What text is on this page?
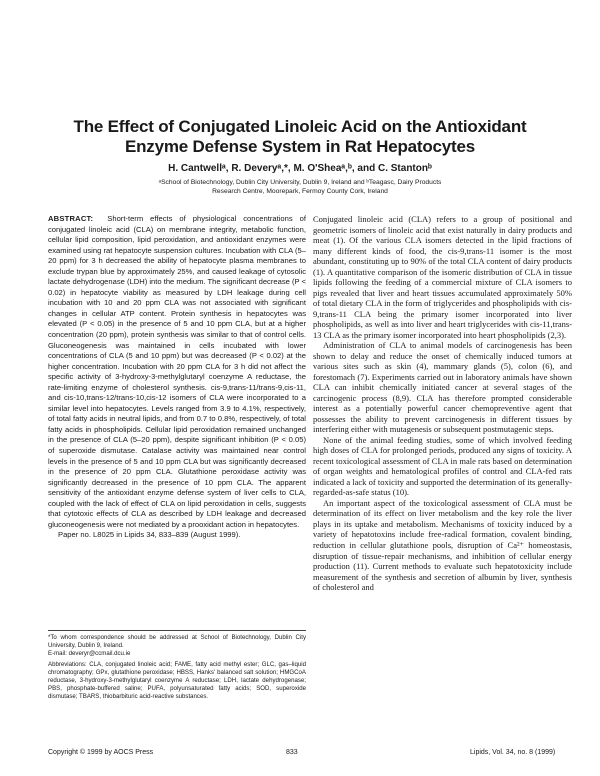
The Effect of Conjugated Linoleic Acid on the Antioxidant
Enzyme Defense System in Rat Hepatocytes
H. Cantwellᵃ, R. Deveryᵃ,*, M. O'Sheaᵃ,ᵇ, and C. Stantonᵇ
ᵃSchool of Biotechnology, Dublin City University, Dublin 9, Ireland and ᵇTeagasc, Dairy Products
Research Centre, Moorepark, Fermoy County Cork, Ireland

ABSTRACT: Short-term effects of physiological concentrations of conjugated linoleic acid (CLA) on membrane integrity, metabolic function, cellular lipid composition, lipid peroxidation, and antioxidant enzymes were examined using rat hepatocyte suspension cultures. Incubation with CLA (5–20 ppm) for 3 h decreased the ability of hepatocyte plasma membranes to exclude trypan blue by approximately 25%, and caused leakage of cytosolic lactate dehydrogenase (LDH) into the medium. The significant decrease (P < 0.02) in hepatocyte viability as measured by LDH leakage during cell incubation with 10 and 20 ppm CLA was not associated with significant changes in cellular ATP content. Protein synthesis in hepatocytes was elevated (P < 0.05) in the presence of 5 and 10 ppm CLA, but at a higher concentration (20 ppm), protein synthesis was similar to that of control cells. Gluconeogenesis was maintained in cells incubated with lower concentrations of CLA (5 and 10 ppm) but was decreased (P < 0.02) at the higher concentration. Incubation with 20 ppm CLA for 3 h did not affect the specific activity of 3-hydroxy-3-methylglutaryl coenzyme A reductase, the rate-limiting enzyme of cholesterol synthesis. cis-9,trans-11/trans-9,cis-11, and cis-10,trans-12/trans-10,cis-12 isomers of CLA were incorporated to a similar level into hepatocytes. Levels ranged from 3.9 to 4.1%, respectively, of total fatty acids in neutral lipids, and from 0.7 to 0.8%, respectively, of total fatty acids in phospholipids. Cellular lipid peroxidation remained unchanged in the presence of CLA (5–20 ppm), despite significant inhibition (P < 0.05) of superoxide dismutase. Catalase activity was maintained near control levels in the presence of 5 and 10 ppm CLA but was significantly decreased in the presence of 20 ppm CLA. Glutathione peroxidase activity was significantly decreased in the presence of 10 ppm CLA. The apparent sensitivity of the antioxidant enzyme defense system of liver cells to CLA, coupled with the lack of effect of CLA on lipid peroxidation in cells, suggests that cytotoxic effects of CLA as described by LDH leakage and decreased gluconeogenesis were not mediated by a prooxidant action in hepatocytes.

Paper no. L8025 in Lipids 34, 833–839 (August 1999).

*To whom correspondence should be addressed at School of Biotechnology, Dublin City University, Dublin 9, Ireland.
E-mail: deveryr@ccmail.dcu.ie

Abbreviations: CLA, conjugated linoleic acid; FAME, fatty acid methyl ester; GLC, gas–liquid chromatography; GPx, glutathione peroxidase; HBSS, Hanks' balanced salt solution; HMGCoA reductase, 3-hydroxy-3-methylglutaryl coenzyme A reductase; LDH, lactate dehydrogenase; PBS, phosphate-buffered saline; PUFA, polyunsaturated fatty acids; SOD, superoxide dismutase; TBARS, thiobarbituric acid-reactive substances.

Conjugated linoleic acid (CLA) refers to a group of positional and geometric isomers of linoleic acid that exist naturally in dairy products and meat (1). Of the various CLA isomers detected in the lipid fractions of many different kinds of food, the cis-9,trans-11 isomer is the most abundant, constituting up to 90% of the total CLA content of dairy products (1). A quantitative comparison of the isomeric distribution of CLA in tissue lipids following the feeding of a commercial mixture of CLA isomers to pigs revealed that liver and heart tissues accumulated approximately 50% of total dietary CLA in the form of triglycerides and phospholipids with cis-9,trans-11 CLA being the primary isomer incorporated into liver phospholipids, as well as into liver and heart triglycerides with cis-11,trans-13 CLA as the primary isomer incorporated into heart phospholipids (2,3).

Administration of CLA to animal models of carcinogenesis has been shown to delay and reduce the onset of chemically induced tumors at various sites such as skin (4), mammary glands (5), colon (6), and forestomach (7). Experiments carried out in laboratory animals have shown CLA can inhibit chemically initiated cancer at several stages of the carcinogenic process (8,9). CLA has therefore prompted considerable interest as a potentially powerful cancer chemopreventive agent that possesses the ability to prevent carcinogenesis in different tissues by interfering either with mutagenesis or subsequent postmutagenic steps.

None of the animal feeding studies, some of which involved feeding high doses of CLA for prolonged periods, produced any signs of toxicity. A recent toxicological assessment of CLA in male rats based on determination of organ weights and hematological profiles of control and CLA-fed rats indicated a lack of toxicity and supported the determination of its generally-regarded-as-safe status (10).

An important aspect of the toxicological assessment of CLA must be determination of its effect on liver metabolism and the key role the liver plays in its uptake and metabolism. Mechanisms of toxicity induced by a variety of hepatotoxins include free-radical formation, covalent binding, reduction in cellular glutathione pools, disruption of Ca²⁺ homeostasis, disruption of tissue-repair mechanisms, and inhibition of cellular energy production (11). Current methods to evaluate such hepatotoxicity include measurement of the synthesis and secretion of albumin by liver, synthesis of cholesterol and

Copyright © 1999 by AOCS Press	833	Lipids, Vol. 34, no. 8 (1999)
